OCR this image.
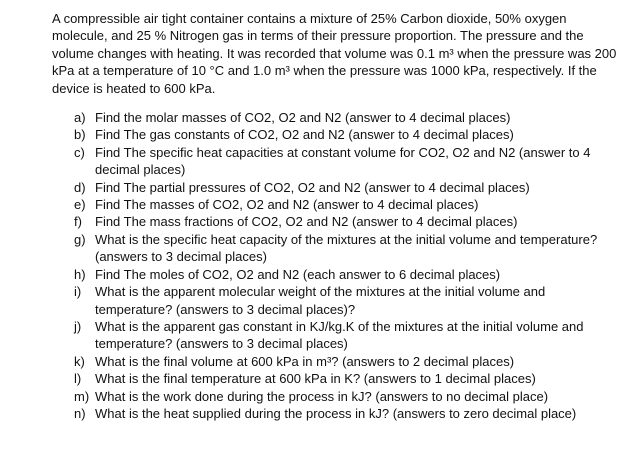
A compressible air tight container contains a mixture of 25% Carbon dioxide, 50% oxygen molecule, and 25 % Nitrogen gas in terms of their pressure proportion. The pressure and the volume changes with heating. It was recorded that volume was 0.1 m³ when the pressure was 200 kPa at a temperature of 10 °C and 1.0 m³ when the pressure was 1000 kPa, respectively. If the device is heated to 600 kPa.

a) Find the molar masses of CO2, O2 and N2 (answer to 4 decimal places)
b) Find The gas constants of CO2, O2 and N2 (answer to 4 decimal places)
c) Find The specific heat capacities at constant volume for CO2, O2 and N2 (answer to 4 decimal places)
d) Find The partial pressures of CO2, O2 and N2 (answer to 4 decimal places)
e) Find The masses of CO2, O2 and N2 (answer to 4 decimal places)
f) Find The mass fractions of CO2, O2 and N2 (answer to 4 decimal places)
g) What is the specific heat capacity of the mixtures at the initial volume and temperature? (answers to 3 decimal places)
h) Find The moles of CO2, O2 and N2 (each answer to 6 decimal places)
i) What is the apparent molecular weight of the mixtures at the initial volume and temperature? (answers to 3 decimal places)?
j) What is the apparent gas constant in KJ/kg.K of the mixtures at the initial volume and temperature? (answers to 3 decimal places)
k) What is the final volume at 600 kPa in m³? (answers to 2 decimal places)
l) What is the final temperature at 600 kPa in K? (answers to 1 decimal places)
m) What is the work done during the process in kJ? (answers to no decimal place)
n) What is the heat supplied during the process in kJ? (answers to zero decimal place)
